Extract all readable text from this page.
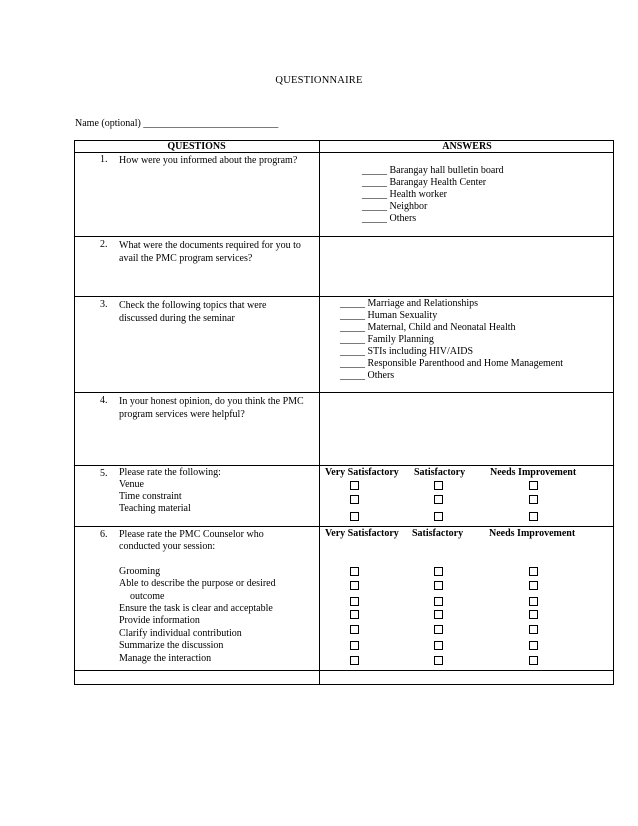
QUESTIONNAIRE
Name (optional) ___________________________
QUESTIONS	ANSWERS
1. How were you informed about the program?
_____ Barangay hall bulletin board
_____ Barangay Health Center
_____ Health worker
_____ Neighbor
_____ Others
2. What were the documents required for you to
avail the PMC program services?
3. Check the following topics that were
discussed during the seminar
_____ Marriage and Relationships
_____ Human Sexuality
_____ Maternal, Child and Neonatal Health
_____ Family Planning
_____ STIs including HIV/AIDS
_____ Responsible Parenthood and Home Management
_____ Others
4. In your honest opinion, do you think the PMC
program services were helpful?
5. Please rate the following:
Venue
Time constraint
Teaching material
Very Satisfactory Satisfactory Needs Improvement
6. Please rate the PMC Counselor who
conducted your session:
Grooming
Able to describe the purpose or desired
outcome
Ensure the task is clear and acceptable
Provide information
Clarify individual contribution
Summarize the discussion
Manage the interaction
Very Satisfactory Satisfactory	Needs Improvement
